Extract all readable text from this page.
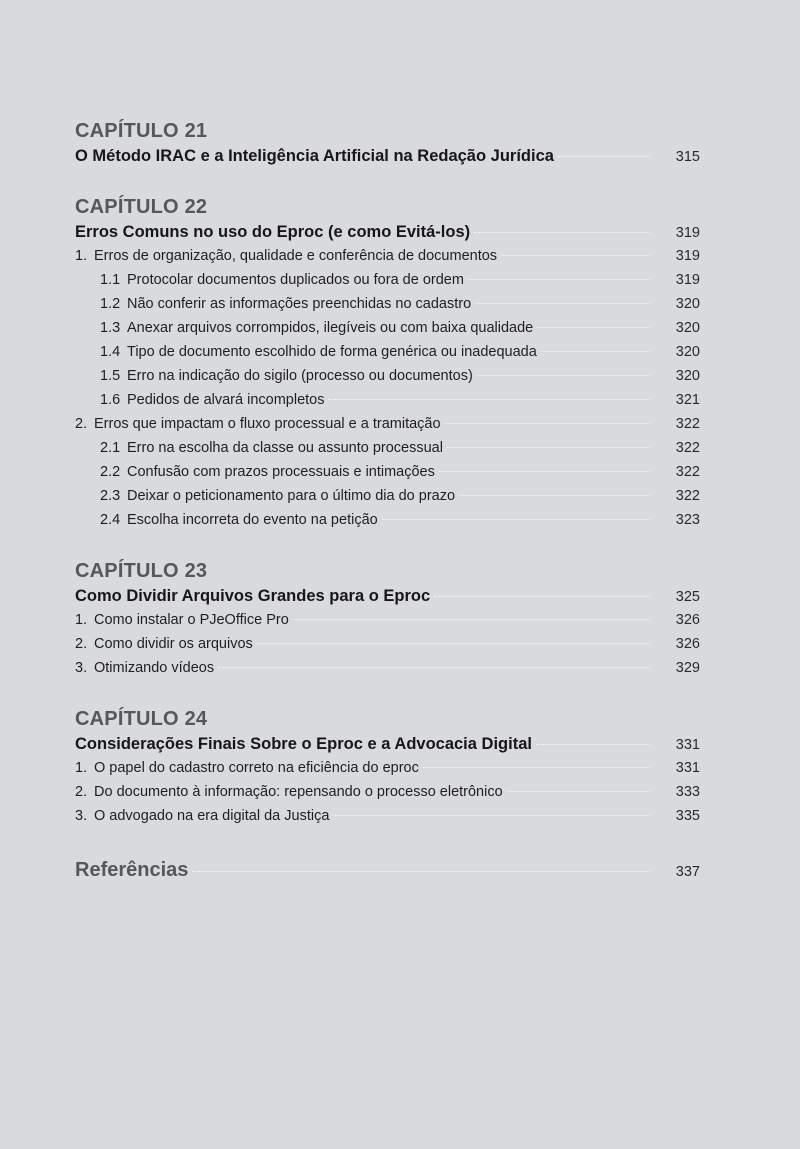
CAPÍTULO 21
O Método IRAC e a Inteligência Artificial na Redação Jurídica	315
CAPÍTULO 22
Erros Comuns no uso do Eproc (e como Evitá-los)	319
1. Erros de organização, qualidade e conferência de documentos	319
1.1 Protocolar documentos duplicados ou fora de ordem	319
1.2 Não conferir as informações preenchidas no cadastro	320
1.3 Anexar arquivos corrompidos, ilegíveis ou com baixa qualidade	320
1.4 Tipo de documento escolhido de forma genérica ou inadequada	320
1.5 Erro na indicação do sigilo (processo ou documentos)	320
1.6 Pedidos de alvará incompletos	321
2. Erros que impactam o fluxo processual e a tramitação	322
2.1 Erro na escolha da classe ou assunto processual	322
2.2 Confusão com prazos processuais e intimações	322
2.3 Deixar o peticionamento para o último dia do prazo	322
2.4 Escolha incorreta do evento na petição	323
CAPÍTULO 23
Como Dividir Arquivos Grandes para o Eproc	325
1. Como instalar o PJeOffice Pro	326
2. Como dividir os arquivos	326
3. Otimizando vídeos	329
CAPÍTULO 24
Considerações Finais Sobre o Eproc e a Advocacia Digital	331
1. O papel do cadastro correto na eficiência do eproc	331
2. Do documento à informação: repensando o processo eletrônico	333
3. O advogado na era digital da Justiça	335
Referências	337
